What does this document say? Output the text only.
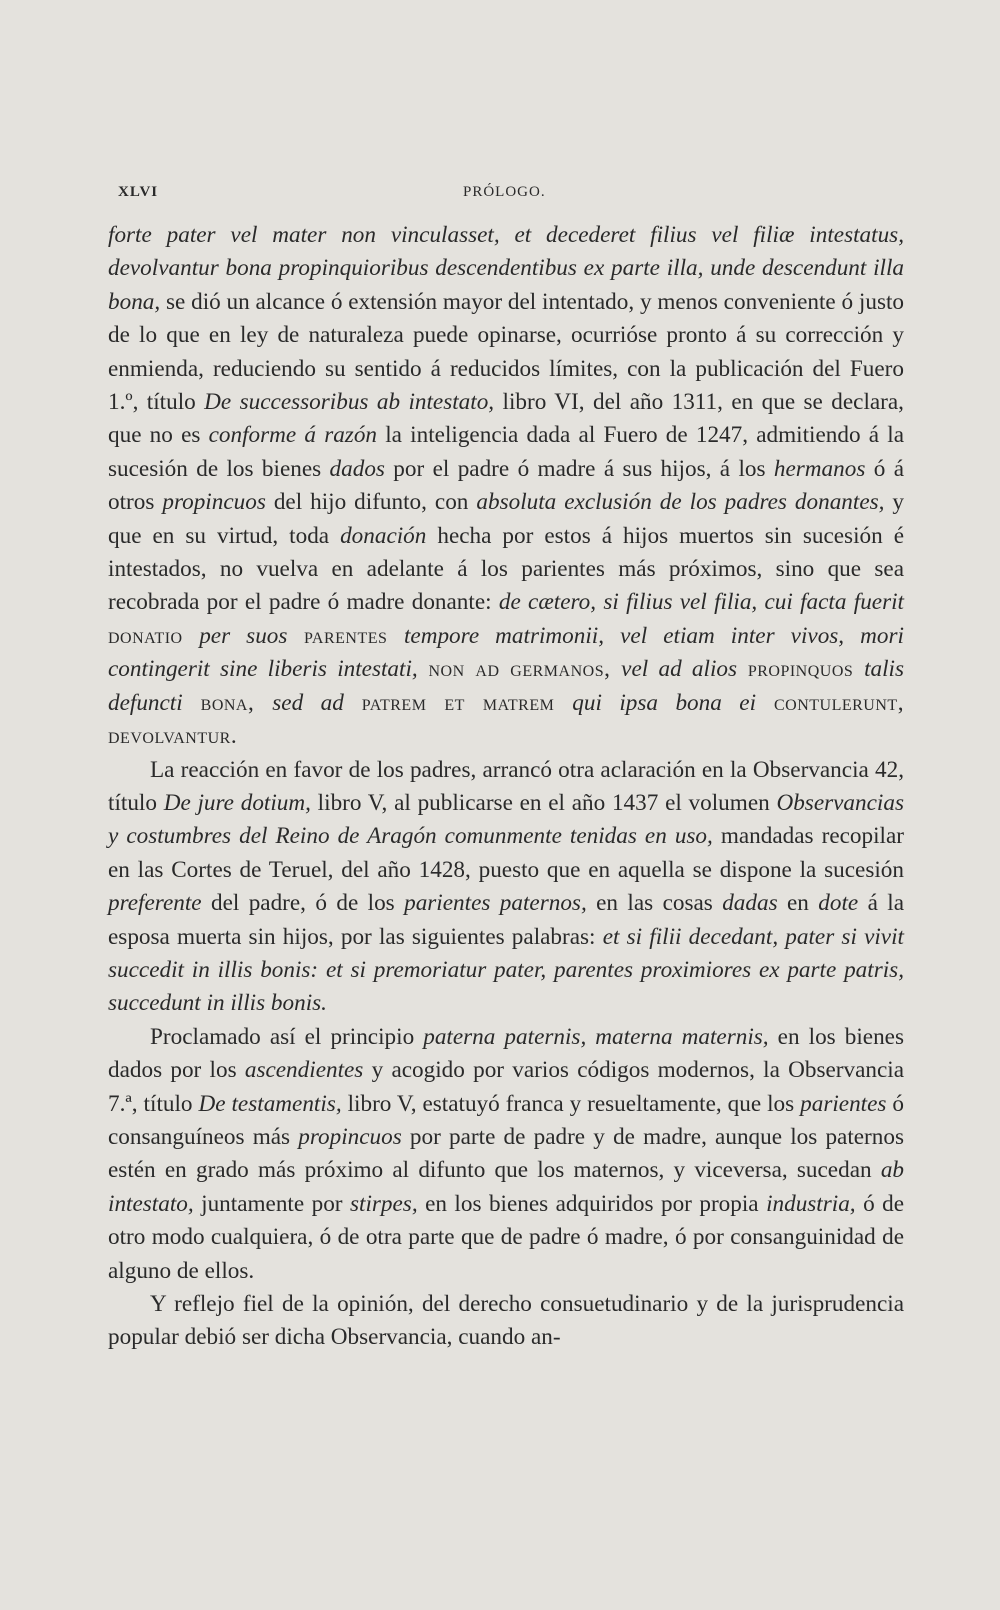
XLVI	PRÓLOGO.

forte pater vel mater non vinculasset, et decederet filius vel filiæ intestatus, devolvantur bona propinquioribus descendentibus ex parte illa, unde descendunt illa bona, se dió un alcance ó extensión mayor del intentado, y menos conveniente ó justo de lo que en ley de naturaleza puede opinarse, ocurrióse pronto á su corrección y enmienda, reduciendo su sentido á reducidos límites, con la publicación del Fuero 1.º, título De successoribus ab intestato, libro VI, del año 1311, en que se declara, que no es conforme á razón la inteligencia dada al Fuero de 1247, admitiendo á la sucesión de los bienes dados por el padre ó madre á sus hijos, á los hermanos ó á otros propincuos del hijo difunto, con absoluta exclusión de los padres donantes, y que en su virtud, toda donación hecha por estos á hijos muertos sin sucesión é intestados, no vuelva en adelante á los parientes más próximos, sino que sea recobrada por el padre ó madre donante: de cætero, si filius vel filia, cui facta fuerit donatio per suos parentes tempore matrimonii, vel etiam inter vivos, mori contingerit sine liberis intestati, non ad germanos, vel ad alios propinquos talis defuncti bona, sed ad patrem et matrem qui ipsa bona ei contulerunt, devolvantur.

La reacción en favor de los padres, arrancó otra aclaración en la Observancia 42, título De jure dotium, libro V, al publicarse en el año 1437 el volumen Observancias y costumbres del Reino de Aragón comunmente tenidas en uso, mandadas recopilar en las Cortes de Teruel, del año 1428, puesto que en aquella se dispone la sucesión preferente del padre, ó de los parientes paternos, en las cosas dadas en dote á la esposa muerta sin hijos, por las siguientes palabras: et si filii decedant, pater si vivit succedit in illis bonis: et si premoriatur pater, parentes proximiores ex parte patris, succedunt in illis bonis.

Proclamado así el principio paterna paternis, materna maternis, en los bienes dados por los ascendientes y acogido por varios códigos modernos, la Observancia 7.ª, título De testamentis, libro V, estatuyó franca y resueltamente, que los parientes ó consanguíneos más propincuos por parte de padre y de madre, aunque los paternos estén en grado más próximo al difunto que los maternos, y viceversa, sucedan ab intestato, juntamente por stirpes, en los bienes adquiridos por propia industria, ó de otro modo cualquiera, ó de otra parte que de padre ó madre, ó por consanguinidad de alguno de ellos.

Y reflejo fiel de la opinión, del derecho consuetudinario y de la jurisprudencia popular debió ser dicha Observancia, cuando an-
